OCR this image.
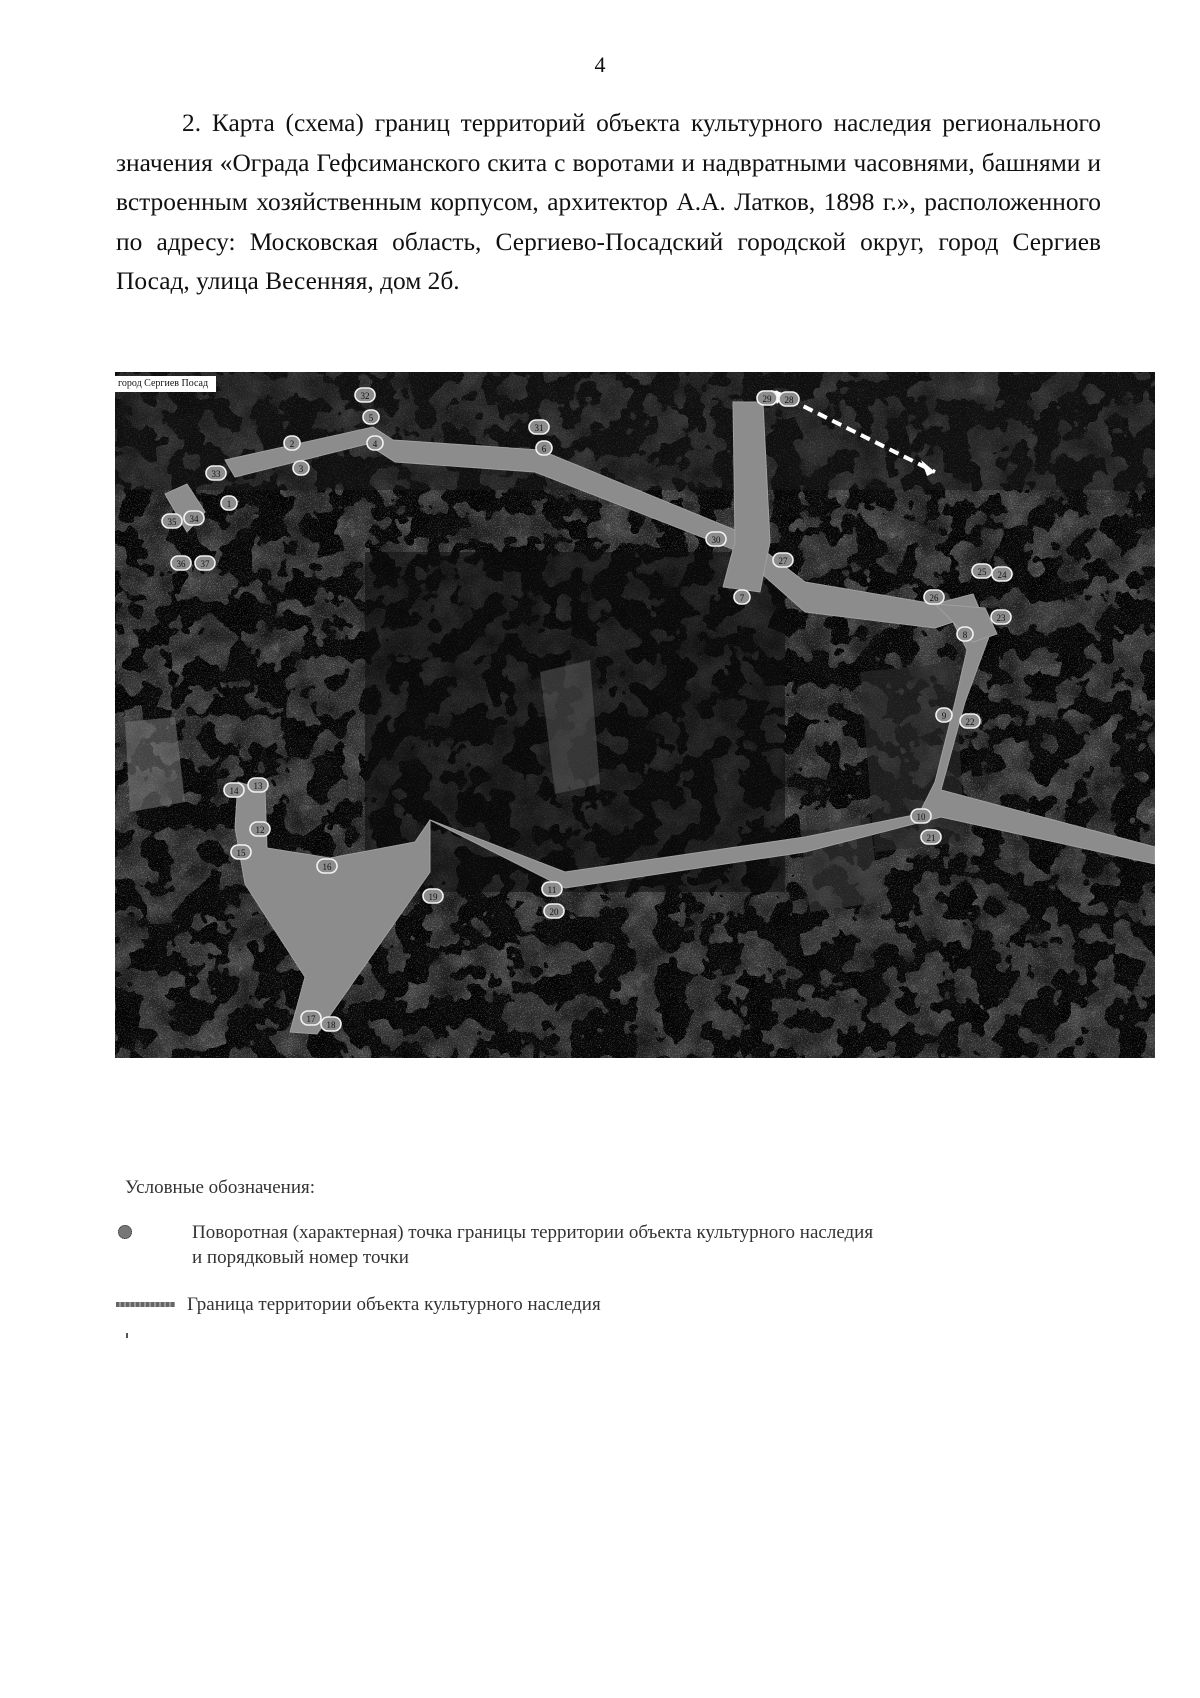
4

2. Карта (схема) границ территорий объекта культурного наследия регионального значения «Ограда Гефсиманского скита с воротами и надвратными часовнями, башнями и встроенным хозяйственным корпусом, архитектор А.А. Латков, 1898 г.», расположенного по адресу: Московская область, Сергиево-Посадский городской округ, город Сергиев Посад, улица Весенняя, дом 2б.

1
2
3
4
5
6
7
8
9
10
11
12
13
14
15
16
17
18
19
20
21
22
23
24
25
26
27
28
29
30
31
32
33
34
35
36 37
город Сергиев Посад
Условные обозначения:
Поворотная (характерная) точка границы территории объекта культурного наследия
и порядковый номер точки
Граница территории объекта культурного наследия
